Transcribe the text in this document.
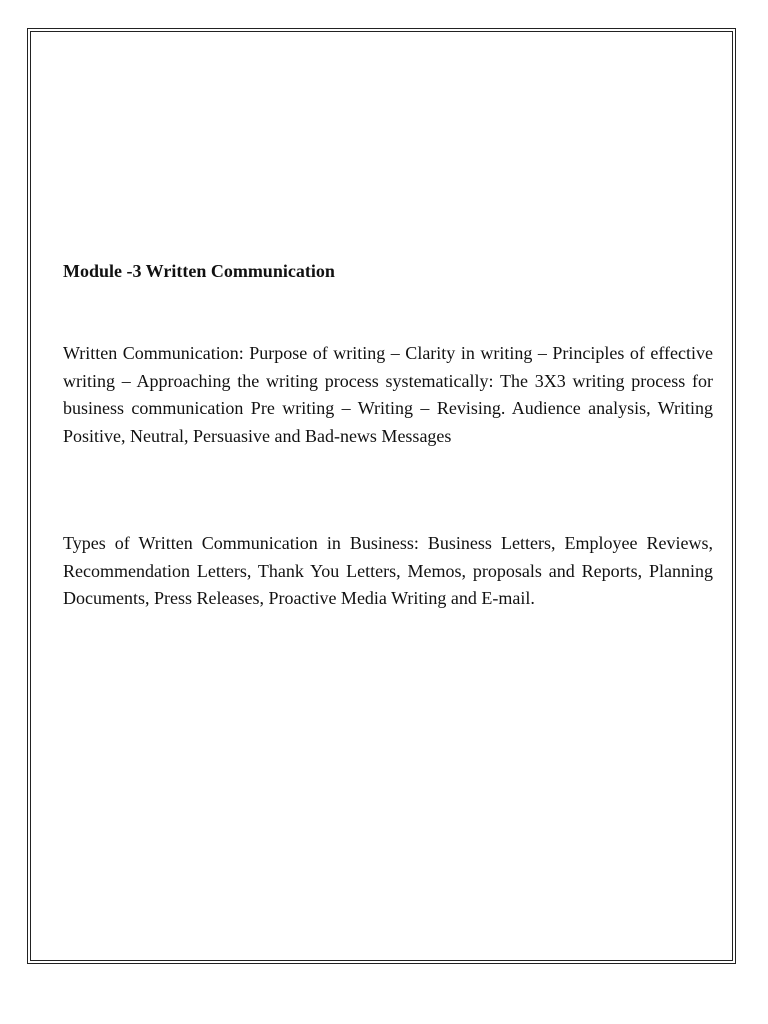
Module -3 Written Communication

Written Communication: Purpose of writing – Clarity in writing – Principles of effective writing – Approaching the writing process systematically: The 3X3 writing process for business communication Pre writing – Writing – Revising. Audience analysis, Writing Positive, Neutral, Persuasive and Bad-news Messages

Types of Written Communication in Business: Business Letters, Employee Reviews, Recommendation Letters, Thank You Letters, Memos, proposals and Reports, Planning Documents, Press Releases, Proactive Media Writing and E-mail.
